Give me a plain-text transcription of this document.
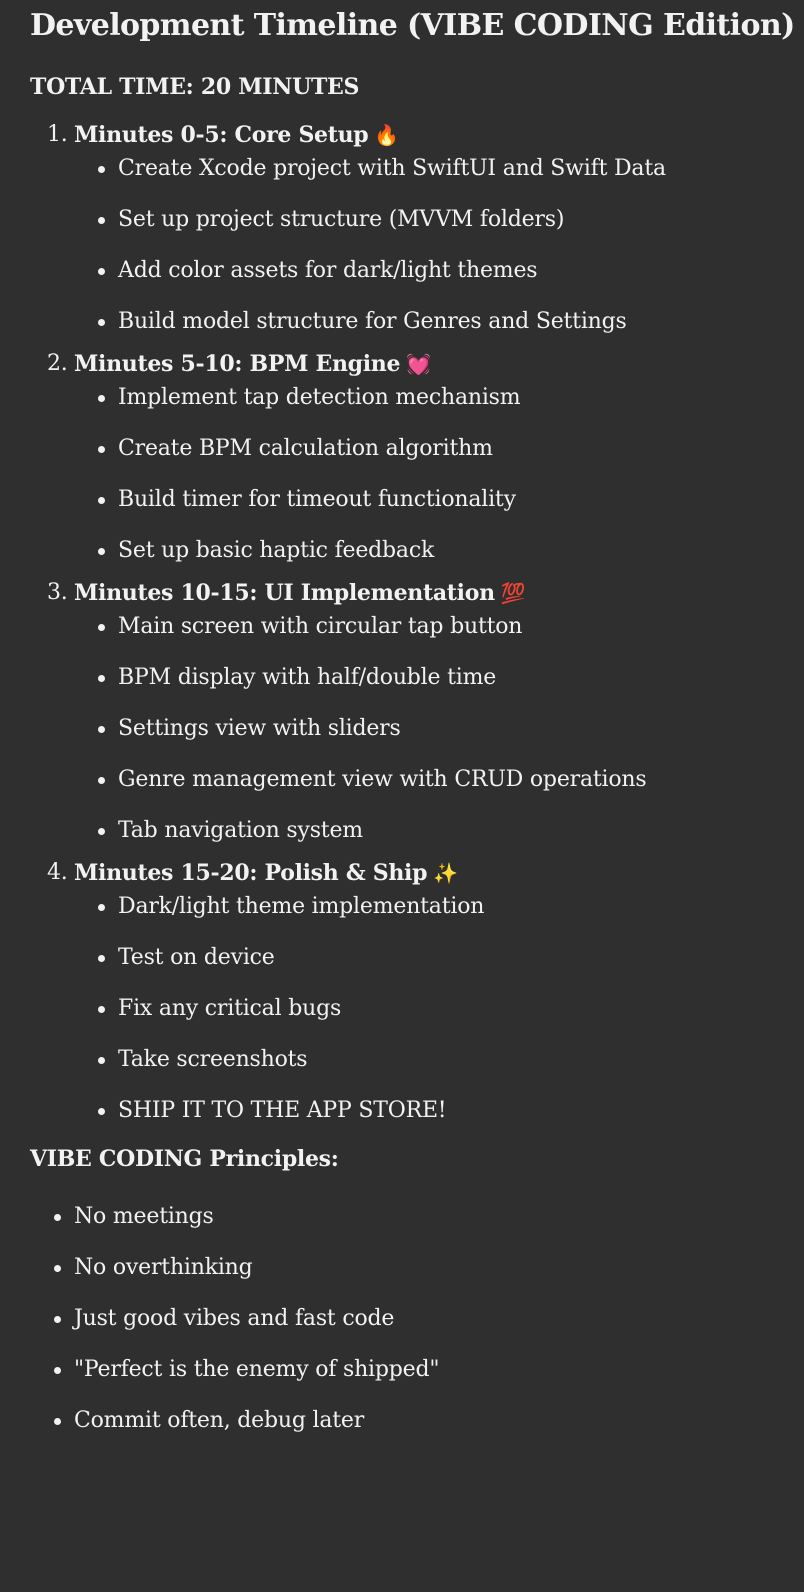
Development Timeline (VIBE CODING Edition)

TOTAL TIME: 20 MINUTES

1. Minutes 0-5: Core Setup 🔥
Create Xcode project with SwiftUI and Swift Data
Set up project structure (MVVM folders)
Add color assets for dark/light themes
Build model structure for Genres and Settings
2. Minutes 5-10: BPM Engine 💓
Implement tap detection mechanism
Create BPM calculation algorithm
Build timer for timeout functionality
Set up basic haptic feedback
3. Minutes 10-15: UI Implementation 💯
Main screen with circular tap button
BPM display with half/double time
Settings view with sliders
Genre management view with CRUD operations
Tab navigation system
4. Minutes 15-20: Polish & Ship ✨
Dark/light theme implementation
Test on device
Fix any critical bugs
Take screenshots
SHIP IT TO THE APP STORE!

VIBE CODING Principles:

No meetings
No overthinking
Just good vibes and fast code
"Perfect is the enemy of shipped"
Commit often, debug later
